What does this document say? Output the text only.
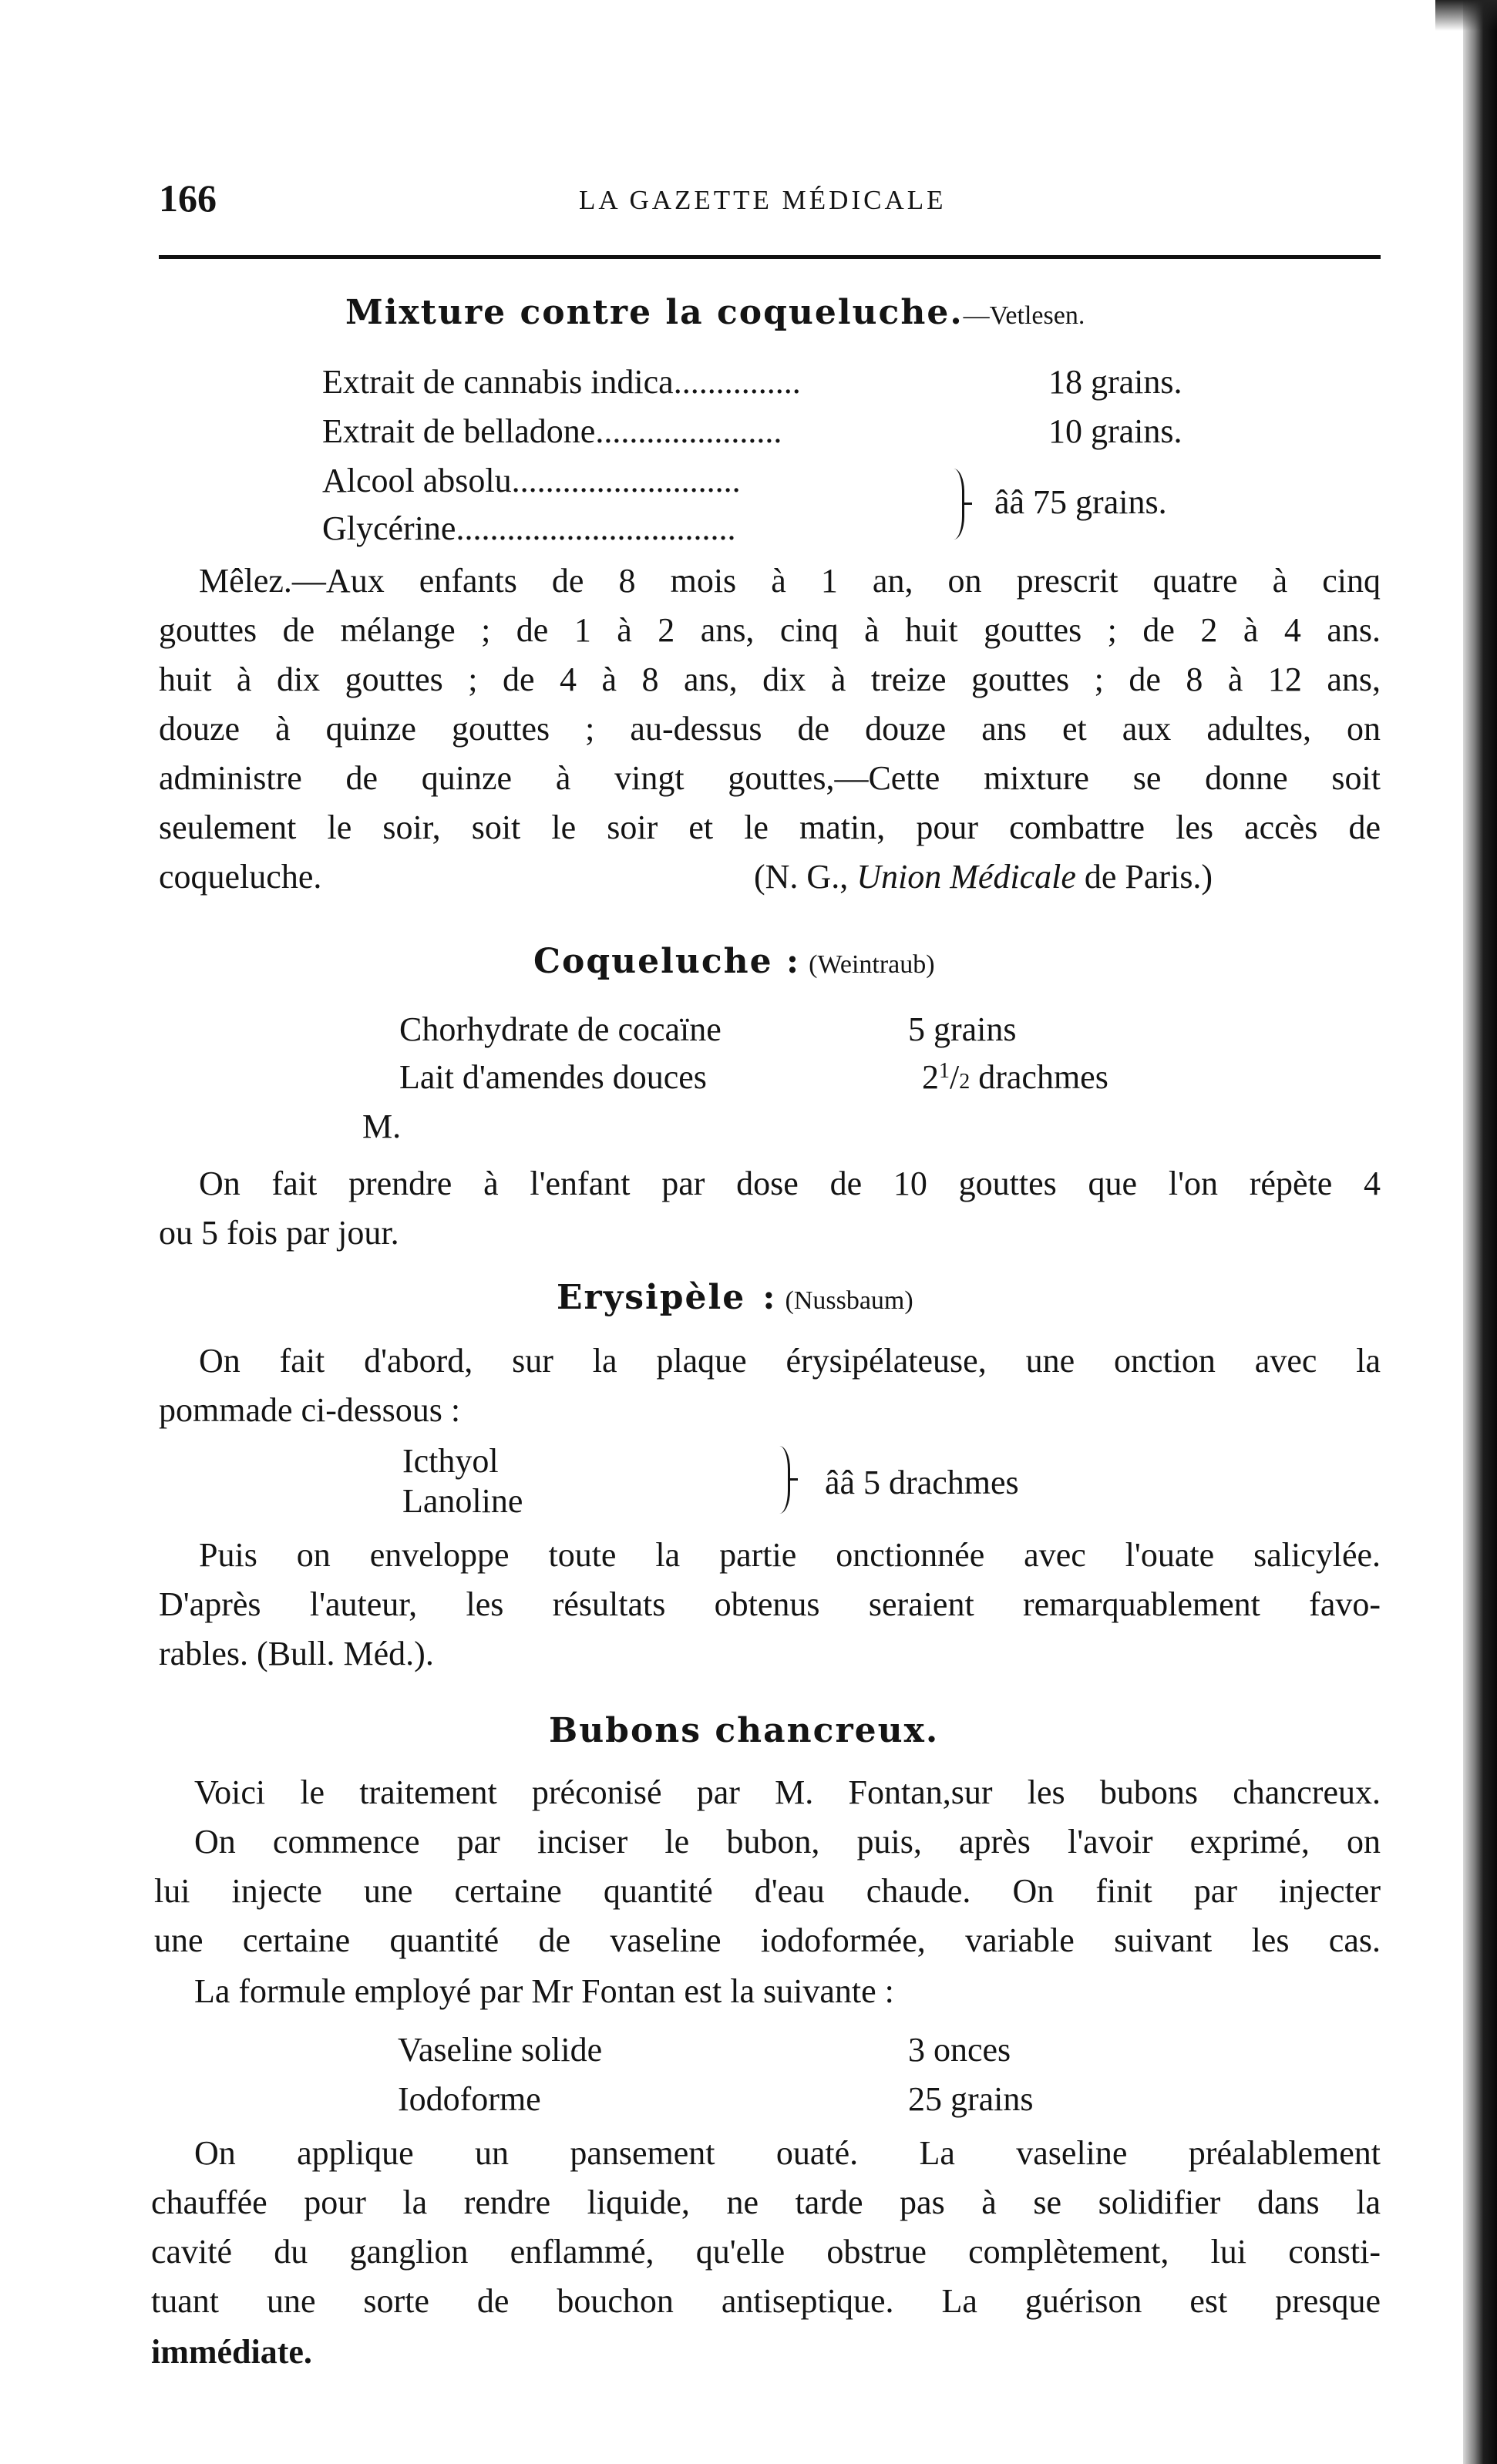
166	LA GAZETTE MÉDICALE
Mixture contre la coqueluche.—Vetlesen.
Extrait de cannabis indica...............	18 grains.
Extrait de belladone......................	10 grains.
Alcool absolu...........................
Glycérine.................................
ââ 75 grains.
Mêlez.—Aux enfants de 8 mois à 1 an, on prescrit quatre à cinq
gouttes de mélange ; de 1 à 2 ans, cinq à huit gouttes ; de 2 à 4 ans.
huit à dix gouttes ; de 4 à 8 ans, dix à treize gouttes ; de 8 à 12 ans,
douze à quinze gouttes ; au-dessus de douze ans et aux adultes, on
administre de quinze à vingt gouttes,—Cette mixture se donne soit
seulement le soir, soit le soir et le matin, pour combattre les accès de
coqueluche.	(N. G., Union Médicale de Paris.)
Coqueluche : (Weintraub)
Chorhydrate de cocaïne	5 grains
Lait d'amendes douces	$2^1/2$ drachmes
M.
On fait prendre à l'enfant par dose de 10 gouttes que l'on répète 4
ou 5 fois par jour.
Erysipèle : (Nussbaum)
On fait d'abord, sur la plaque érysipélateuse, une onction avec la
pommade ci-dessous :
Icthyol
Lanoline	ââ 5 drachmes
Puis on enveloppe toute la partie onctionnée avec l'ouate salicylée.
D'après l'auteur, les résultats obtenus seraient remarquablement favo-
rables. (Bull. Méd.).
Bubons chancreux.
Voici le traitement préconisé par M. Fontan,sur les bubons chancreux.
On commence par inciser le bubon, puis, après l'avoir exprimé, on
lui injecte une certaine quantité d'eau chaude. On finit par injecter
une certaine quantité de vaseline iodoformée, variable suivant les cas.
La formule employé par Mr Fontan est la suivante :
Vaseline solide	3 onces
Iodoforme	25 grains
On applique un pansement ouaté. La vaseline préalablement
chauffée pour la rendre liquide, ne tarde pas à se solidifier dans la
cavité du ganglion enflammé, qu'elle obstrue complètement, lui consti-
tuant une sorte de bouchon antiseptique. La guérison est presque
immédiate.
